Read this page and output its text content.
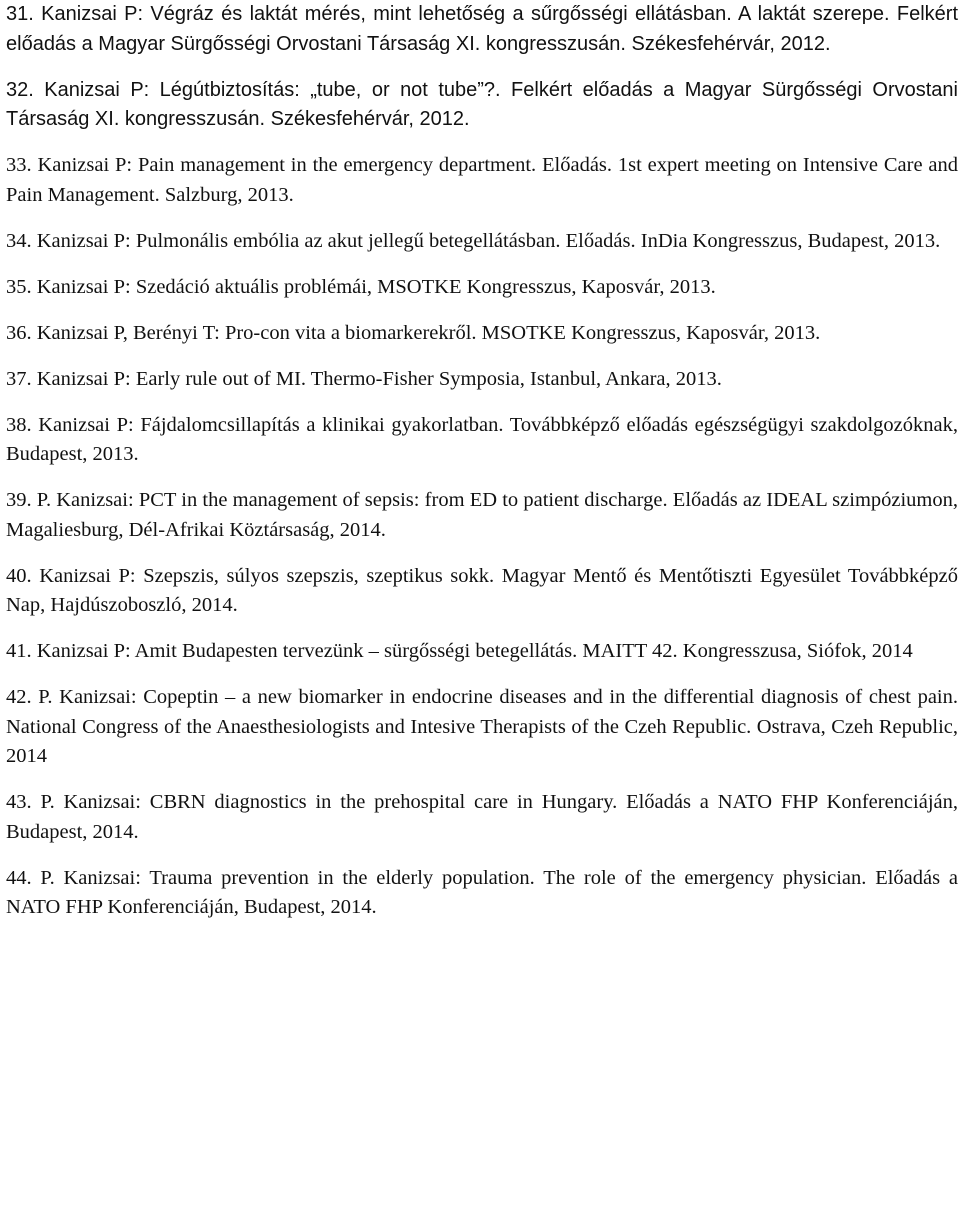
31. Kanizsai P: Végráz és laktát mérés, mint lehetőség a sűrgősségi ellátásban. A laktát szerepe. Felkért előadás a Magyar Sürgősségi Orvostani Társaság XI. kongresszusán. Székesfehérvár, 2012.

32. Kanizsai P: Légútbiztosítás: „tube, or not tube”?. Felkért előadás a Magyar Sürgősségi Orvostani Társaság XI. kongresszusán. Székesfehérvár, 2012.

33. Kanizsai P: Pain management in the emergency department. Előadás. 1st expert meeting on Intensive Care and Pain Management. Salzburg, 2013.

34. Kanizsai P: Pulmonális embólia az akut jellegű betegellátásban. Előadás. InDia Kongresszus, Budapest, 2013.

35. Kanizsai P: Szedáció aktuális problémái, MSOTKE Kongresszus, Kaposvár, 2013.

36. Kanizsai P, Berényi T: Pro-con vita a biomarkerekről. MSOTKE Kongresszus, Kaposvár, 2013.

37. Kanizsai P: Early rule out of MI. Thermo-Fisher Symposia, Istanbul, Ankara, 2013.

38. Kanizsai P: Fájdalomcsillapítás a klinikai gyakorlatban. Továbbképző előadás egészségügyi szakdolgozóknak, Budapest, 2013.

39. P. Kanizsai: PCT in the management of sepsis: from ED to patient discharge. Előadás az IDEAL szimpóziumon, Magaliesburg, Dél-Afrikai Köztársaság, 2014.

40. Kanizsai P: Szepszis, súlyos szepszis, szeptikus sokk. Magyar Mentő és Mentőtiszti Egyesület Továbbképző Nap, Hajdúszoboszló, 2014.

41. Kanizsai P: Amit Budapesten tervezünk – sürgősségi betegellátás. MAITT 42. Kongresszusa, Siófok, 2014

42. P. Kanizsai: Copeptin – a new biomarker in endocrine diseases and in the differential diagnosis of chest pain. National Congress of the Anaesthesiologists and Intesive Therapists of the Czeh Republic. Ostrava, Czeh Republic, 2014

43. P. Kanizsai: CBRN diagnostics in the prehospital care in Hungary. Előadás a NATO FHP Konferenciáján, Budapest, 2014.

44. P. Kanizsai: Trauma prevention in the elderly population. The role of the emergency physician. Előadás a NATO FHP Konferenciáján, Budapest, 2014.
